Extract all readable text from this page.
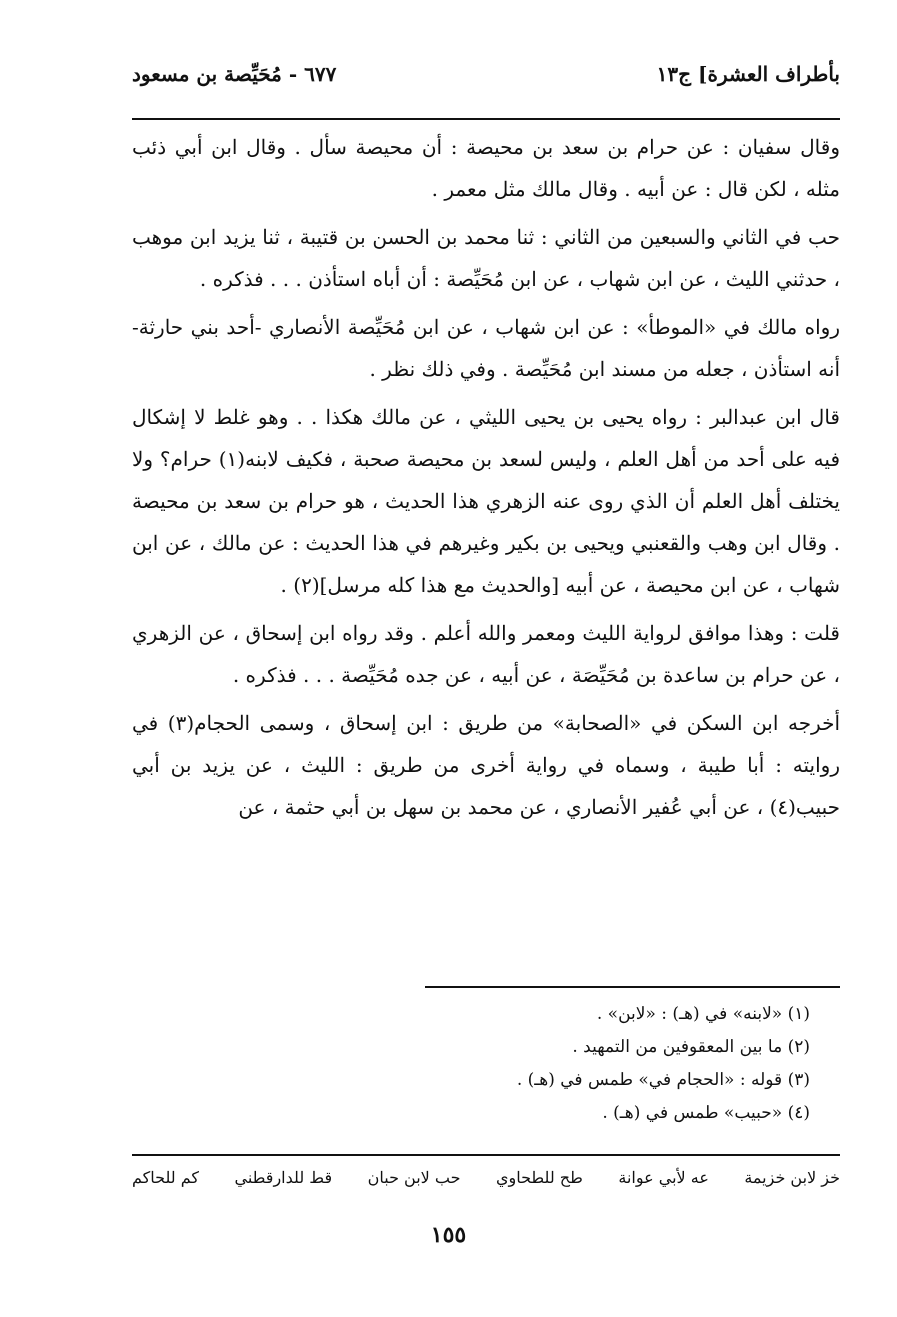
بأطراف العشرة] ج١٣
٦٧٧ - مُحَيِّصة بن مسعود

وقال سفيان : عن حرام بن سعد بن محيصة : أن محيصة سأل . وقال ابن أبي ذئب مثله ، لكن قال : عن أبيه . وقال مالك مثل معمر .

حب في الثاني والسبعين من الثاني : ثنا محمد بن الحسن بن قتيبة ، ثنا يزيد ابن موهب ، حدثني الليث ، عن ابن شهاب ، عن ابن مُحَيِّصة : أن أباه استأذن . . . فذكره .

رواه مالك في «الموطأ» : عن ابن شهاب ، عن ابن مُحَيِّصة الأنصاري -أحد بني حارثة- أنه استأذن ، جعله من مسند ابن مُحَيِّصة . وفي ذلك نظر .

قال ابن عبدالبر : رواه يحيى بن يحيى الليثي ، عن مالك هكذا . . وهو غلط لا إشكال فيه على أحد من أهل العلم ، وليس لسعد بن محيصة صحبة ، فكيف لابنه(١) حرام؟ ولا يختلف أهل العلم أن الذي روى عنه الزهري هذا الحديث ، هو حرام بن سعد بن محيصة . وقال ابن وهب والقعنبي ويحيى بن بكير وغيرهم في هذا الحديث : عن مالك ، عن ابن شهاب ، عن ابن محيصة ، عن أبيه [والحديث مع هذا كله مرسل](٢) .

قلت : وهذا موافق لرواية الليث ومعمر والله أعلم . وقد رواه ابن إسحاق ، عن الزهري ، عن حرام بن ساعدة بن مُحَيِّصَة ، عن أبيه ، عن جده مُحَيِّصة . . . فذكره .

أخرجه ابن السكن في «الصحابة» من طريق : ابن إسحاق ، وسمى الحجام(٣) في روايته : أبا طيبة ، وسماه في رواية أخرى من طريق : الليث ، عن يزيد بن أبي حبيب(٤) ، عن أبي عُفير الأنصاري ، عن محمد بن سهل بن أبي حثمة ، عن

(١) «لابنه» في (هـ) : «لابن» .
(٢) ما بين المعقوفين من التمهيد .
(٣) قوله : «الحجام في» طمس في (هـ) .
(٤) «حبيب» طمس في (هـ) .
خز لابن خزيمة
عه لأبي عوانة
طح للطحاوي
حب لابن حبان
قط للدارقطني
كم للحاكم
١٥٥
